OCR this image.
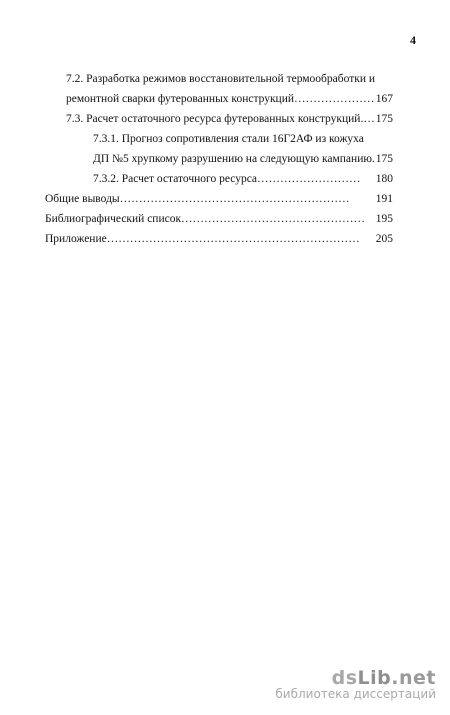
4
7.2. Разработка режимов восстановительной термообработки и
ремонтной сварки футерованных конструкций………………… 167
7.3. Расчет остаточного ресурса футерованных конструкций.… 175
7.3.1. Прогноз сопротивления стали 16Г2АФ из кожуха
ДП №5 хрупкому разрушению на следующую кампанию. 175
7.3.2. Расчет остаточного ресурса………………………	180
Общие выводы……………………………………………………	191
Библиографический список………………………………………… 195
Приложение…………………………………………………………	205
dsLib.net
библиотека диссертаций
